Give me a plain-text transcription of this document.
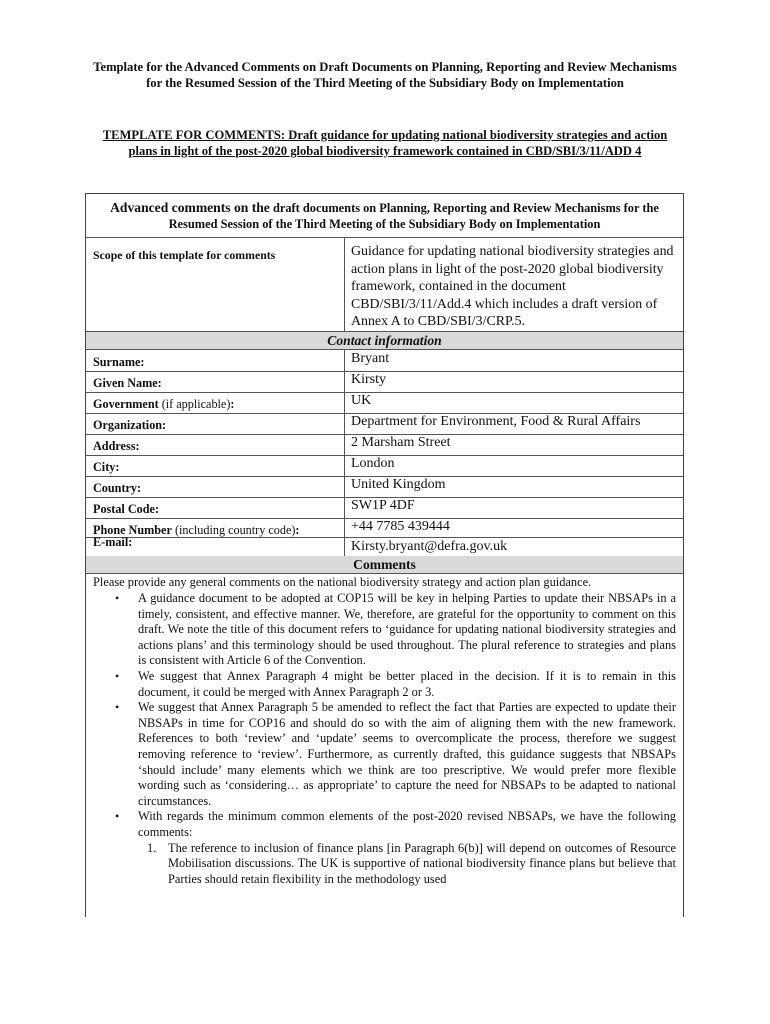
Template for the Advanced Comments on Draft Documents on Planning, Reporting and Review Mechanisms for the Resumed Session of the Third Meeting of the Subsidiary Body on Implementation
TEMPLATE FOR COMMENTS: Draft guidance for updating national biodiversity strategies and action plans in light of the post-2020 global biodiversity framework contained in CBD/SBI/3/11/ADD 4
Advanced comments on the draft documents on Planning, Reporting and Review Mechanisms for the Resumed Session of the Third Meeting of the Subsidiary Body on Implementation
Scope of this template for comments	Guidance for updating national biodiversity strategies and action plans in light of the post-2020 global biodiversity framework, contained in the document CBD/SBI/3/11/Add.4 which includes a draft version of Annex A to CBD/SBI/3/CRP.5.
Contact information
Surname:	Bryant
Given Name:	Kirsty
Government (if applicable):	UK
Organization:	Department for Environment, Food & Rural Affairs
Address:	2 Marsham Street
City:	London
Country:	United Kingdom
Postal Code:	SW1P 4DF
Phone Number (including country code):	+44 7785 439444
E-mail:	Kirsty.bryant@defra.gov.uk
Comments
Please provide any general comments on the national biodiversity strategy and action plan guidance.
• A guidance document to be adopted at COP15 will be key in helping Parties to update their NBSAPs in a timely, consistent, and effective manner. We, therefore, are grateful for the opportunity to comment on this draft. We note the title of this document refers to ‘guidance for updating national biodiversity strategies and actions plans’ and this terminology should be used throughout. The plural reference to strategies and plans is consistent with Article 6 of the Convention.
• We suggest that Annex Paragraph 4 might be better placed in the decision. If it is to remain in this document, it could be merged with Annex Paragraph 2 or 3.
• We suggest that Annex Paragraph 5 be amended to reflect the fact that Parties are expected to update their NBSAPs in time for COP16 and should do so with the aim of aligning them with the new framework. References to both ‘review’ and ‘update’ seems to overcomplicate the process, therefore we suggest removing reference to ‘review’. Furthermore, as currently drafted, this guidance suggests that NBSAPs ‘should include’ many elements which we think are too prescriptive. We would prefer more flexible wording such as ‘considering… as appropriate’ to capture the need for NBSAPs to be adapted to national circumstances.
• With regards the minimum common elements of the post-2020 revised NBSAPs, we have the following comments:
1. The reference to inclusion of finance plans [in Paragraph 6(b)] will depend on outcomes of Resource Mobilisation discussions. The UK is supportive of national biodiversity finance plans but believe that Parties should retain flexibility in the methodology used
